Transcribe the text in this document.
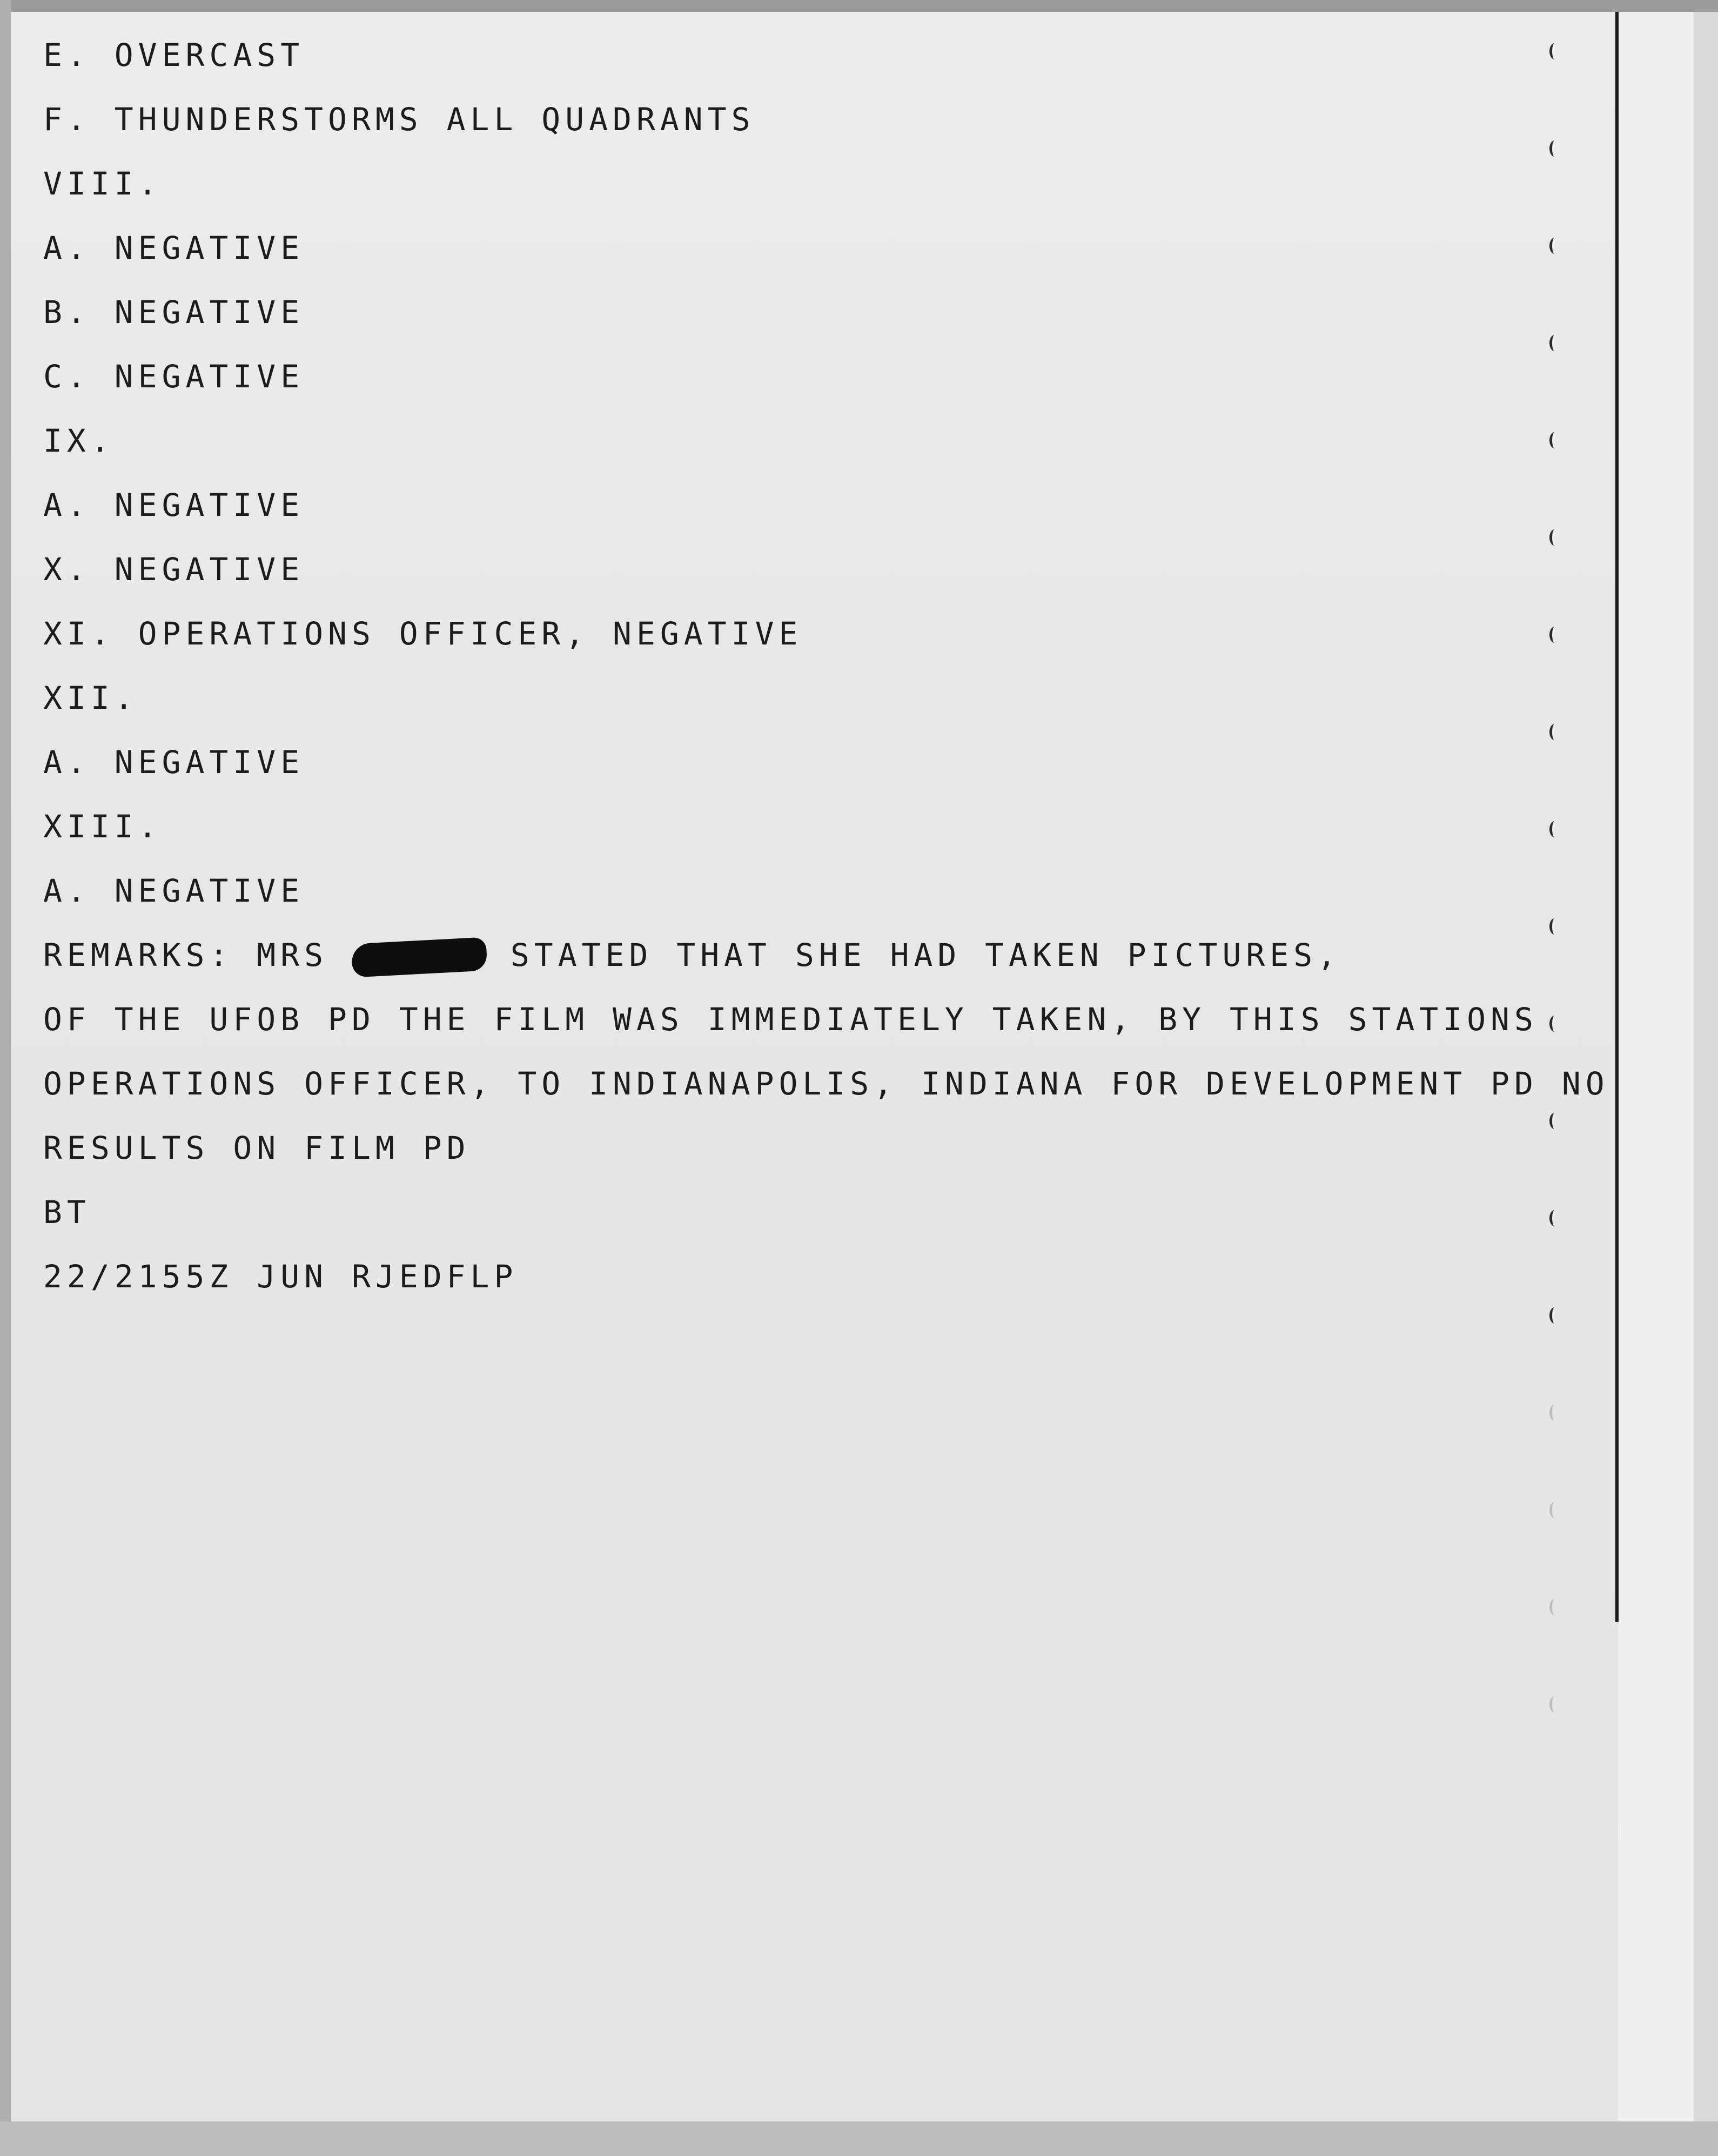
E. OVERCAST
F. THUNDERSTORMS ALL QUADRANTS
VIII.
A. NEGATIVE
B. NEGATIVE
C. NEGATIVE
IX.
A. NEGATIVE
X. NEGATIVE
XI. OPERATIONS OFFICER, NEGATIVE
XII.
A. NEGATIVE
XIII.
A. NEGATIVE
REMARKS: MRS	STATED THAT SHE HAD TAKEN PICTURES,
OF THE UFOB PD THE FILM WAS IMMEDIATELY TAKEN, BY THIS STATIONS
OPERATIONS OFFICER, TO INDIANAPOLIS, INDIANA FOR DEVELOPMENT PD NO
RESULTS ON FILM PD
BT
22/2155Z JUN RJEDFLP
